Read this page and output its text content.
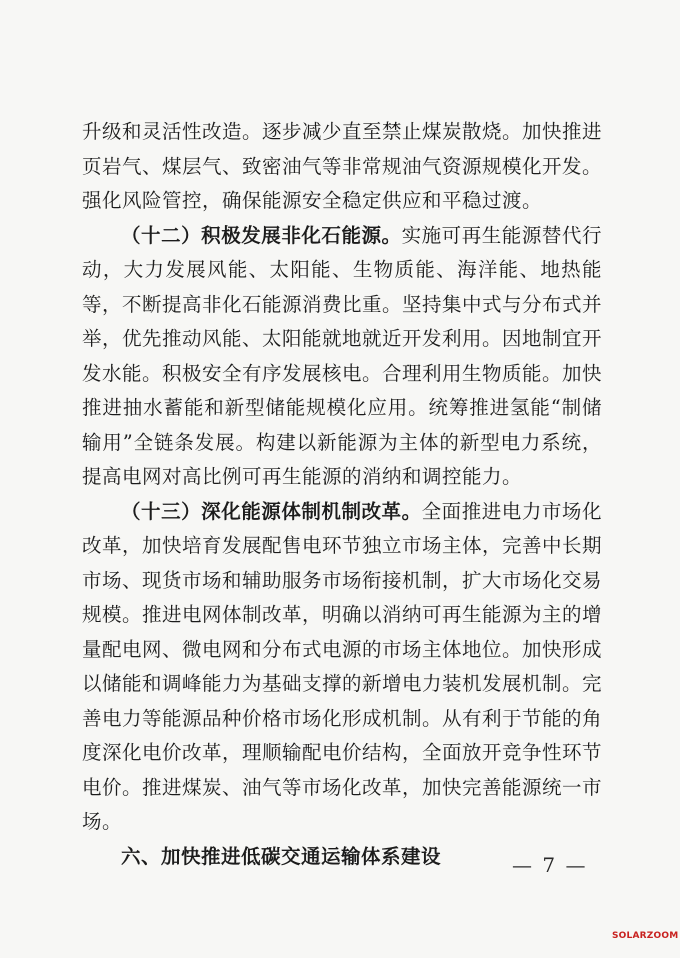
升级和灵活性改造。逐步减少直至禁止煤炭散烧。加快推进页岩气、煤层气、致密油气等非常规油气资源规模化开发。强化风险管控，确保能源安全稳定供应和平稳过渡。

（十二）积极发展非化石能源。实施可再生能源替代行动，大力发展风能、太阳能、生物质能、海洋能、地热能等，不断提高非化石能源消费比重。坚持集中式与分布式并举，优先推动风能、太阳能就地就近开发利用。因地制宜开发水能。积极安全有序发展核电。合理利用生物质能。加快推进抽水蓄能和新型储能规模化应用。统筹推进氢能“制储输用”全链条发展。构建以新能源为主体的新型电力系统，提高电网对高比例可再生能源的消纳和调控能力。

（十三）深化能源体制机制改革。全面推进电力市场化改革，加快培育发展配售电环节独立市场主体，完善中长期市场、现货市场和辅助服务市场衔接机制，扩大市场化交易规模。推进电网体制改革，明确以消纳可再生能源为主的增量配电网、微电网和分布式电源的市场主体地位。加快形成以储能和调峰能力为基础支撑的新增电力装机发展机制。完善电力等能源品种价格市场化形成机制。从有利于节能的角度深化电价改革，理顺输配电价结构，全面放开竞争性环节电价。推进煤炭、油气等市场化改革，加快完善能源统一市场。

六、加快推进低碳交通运输体系建设	— 7 —
SOLARZOOM
